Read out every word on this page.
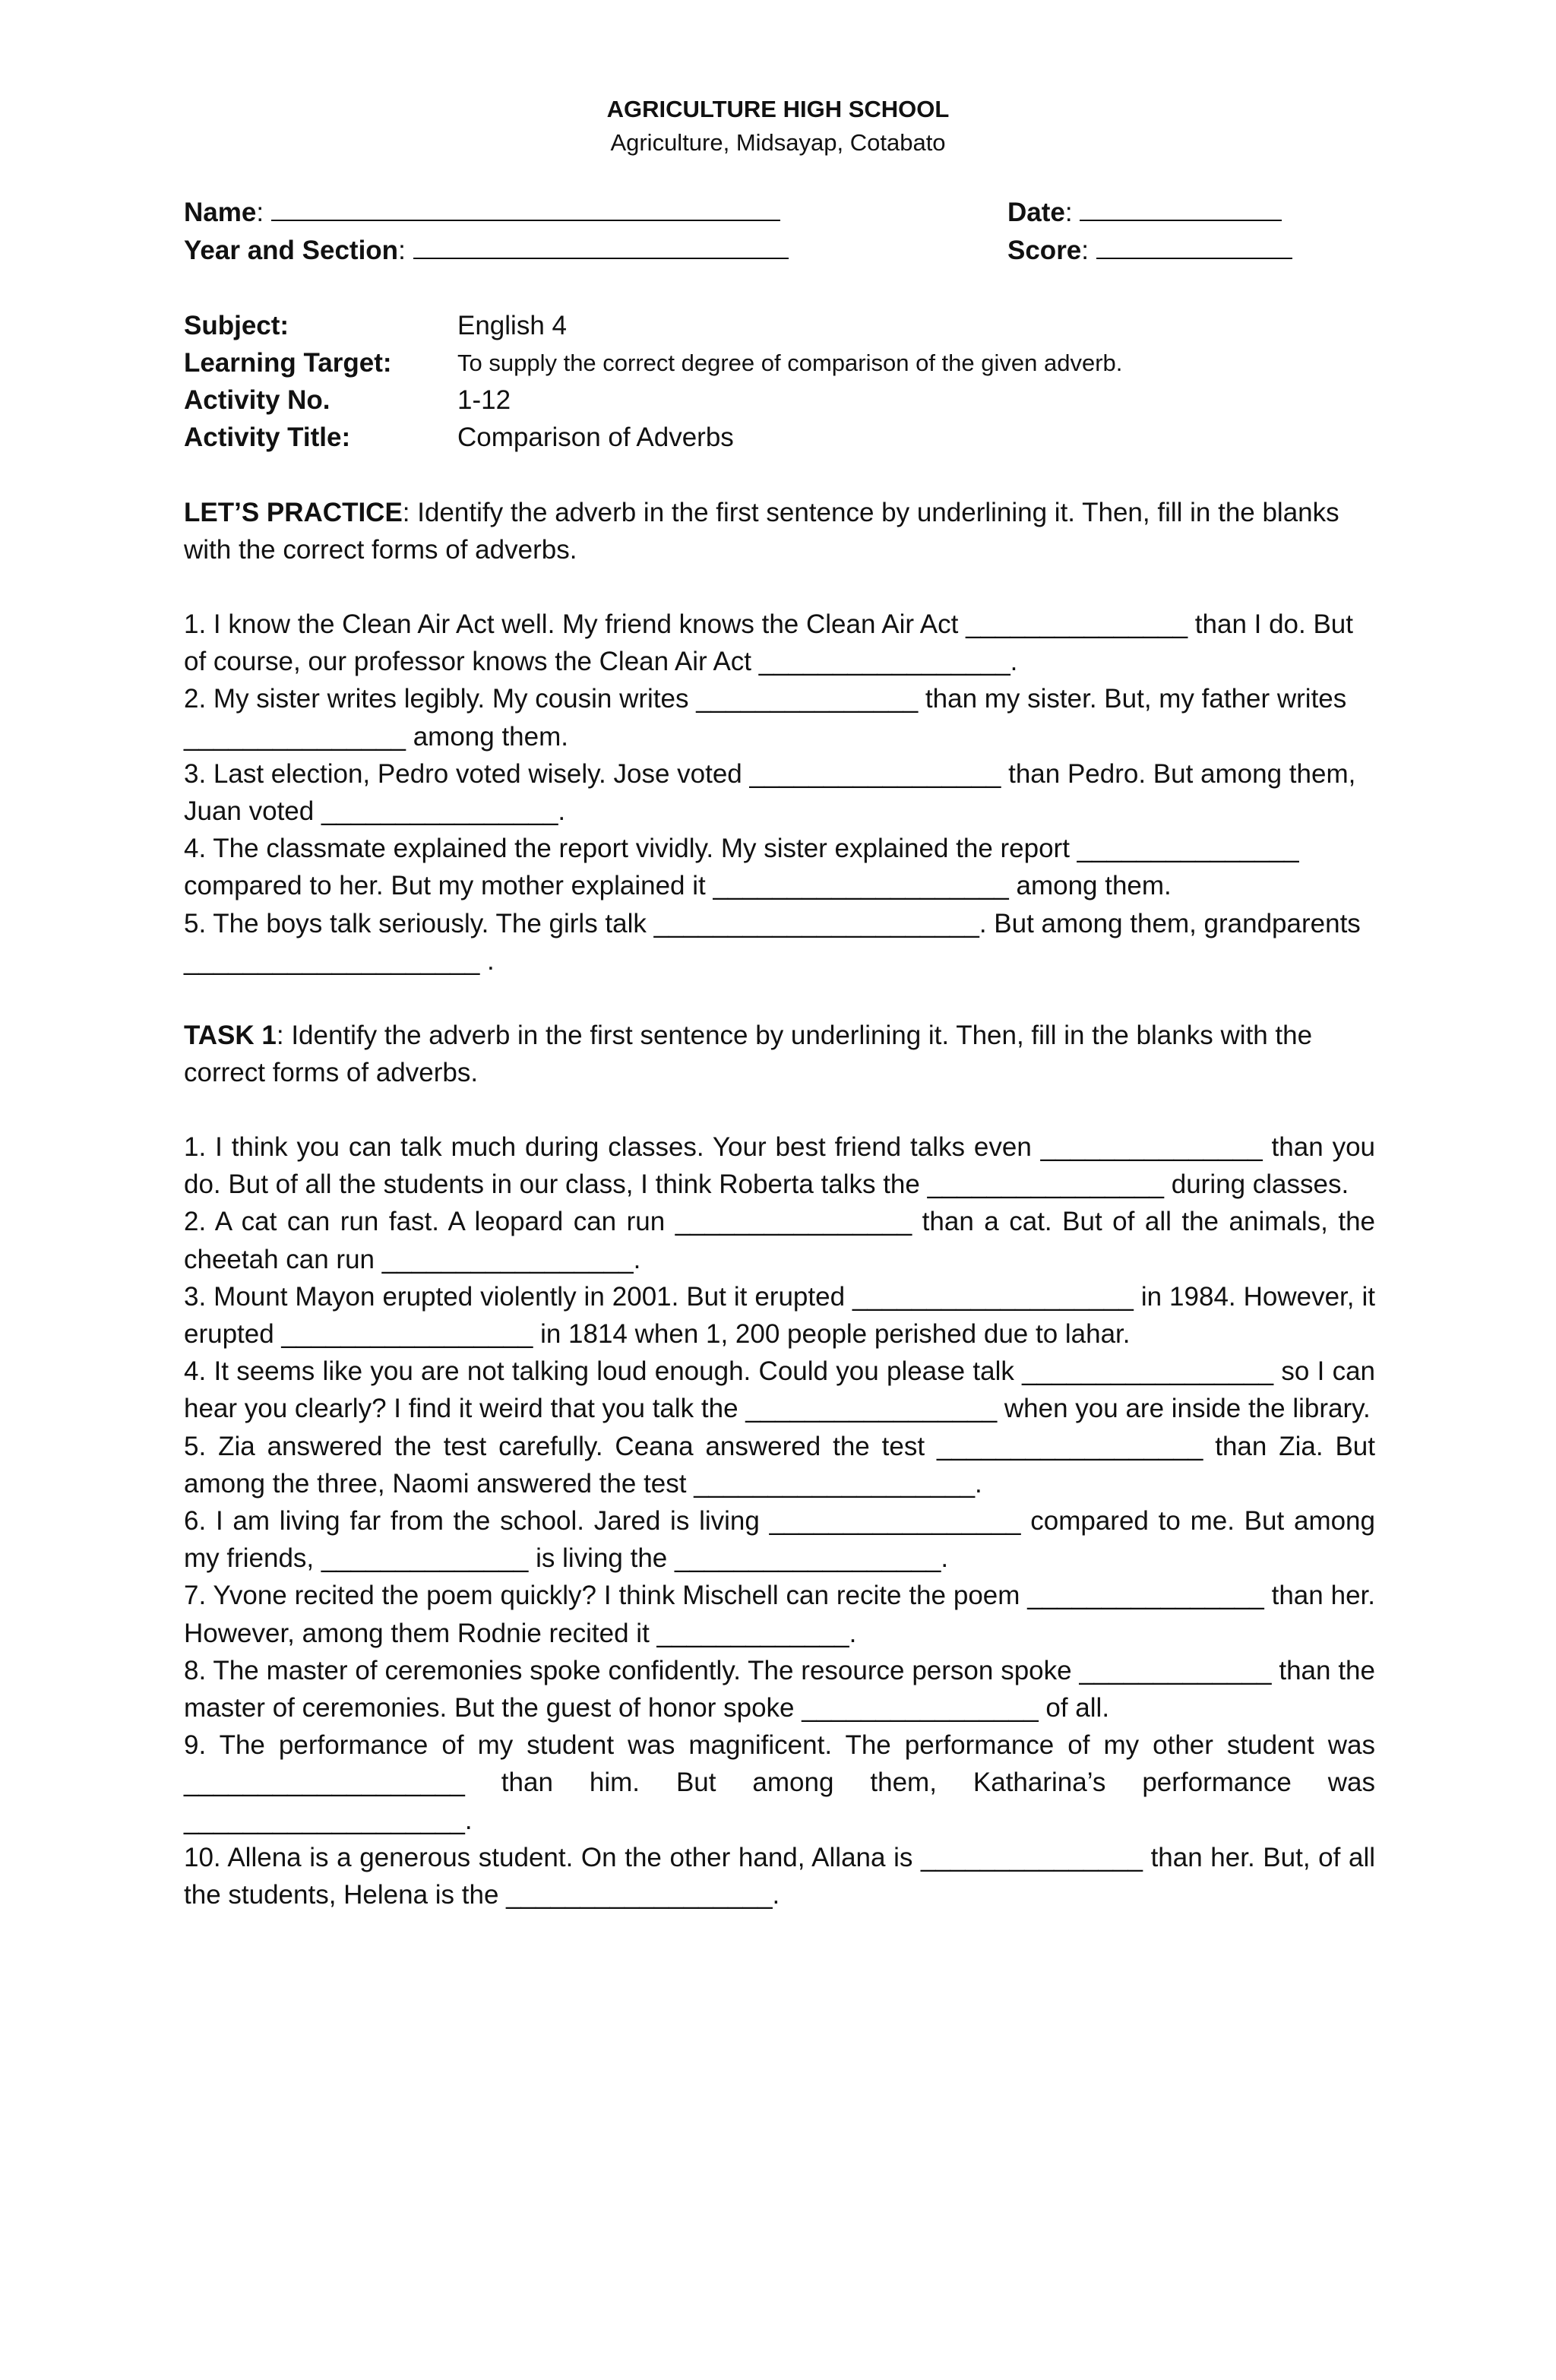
AGRICULTURE HIGH SCHOOL
Agriculture, Midsayap, Cotabato
Name:	Date:
Year and Section:	Score:
Subject:	English 4
Learning Target:	To supply the correct degree of comparison of the given adverb.
Activity No.	1-12
Activity Title:	Comparison of Adverbs

LET’S PRACTICE: Identify the adverb in the first sentence by underlining it. Then, fill in the blanks with the correct forms of adverbs.

1. I know the Clean Air Act well. My friend knows the Clean Air Act _______________ than I do. But of course, our professor knows the Clean Air Act _________________.

2. My sister writes legibly. My cousin writes _______________ than my sister. But, my father writes _______________ among them.

3. Last election, Pedro voted wisely. Jose voted _________________ than Pedro. But among them, Juan voted ________________.

4. The classmate explained the report vividly. My sister explained the report _______________ compared to her. But my mother explained it ____________________ among them.

5. The boys talk seriously. The girls talk ______________________. But among them, grandparents ____________________ .

TASK 1: Identify the adverb in the first sentence by underlining it. Then, fill in the blanks with the correct forms of adverbs.

1. I think you can talk much during classes. Your best friend talks even _______________ than you do. But of all the students in our class, I think Roberta talks the ________________ during classes.

2. A cat can run fast. A leopard can run ________________ than a cat. But of all the animals, the cheetah can run _________________.

3. Mount Mayon erupted violently in 2001. But it erupted ___________________ in 1984. However, it erupted _________________ in 1814 when 1, 200 people perished due to lahar.

4. It seems like you are not talking loud enough. Could you please talk _________________ so I can hear you clearly? I find it weird that you talk the _________________ when you are inside the library.

5. Zia answered the test carefully. Ceana answered the test __________________ than Zia. But among the three, Naomi answered the test ___________________.

6. I am living far from the school. Jared is living _________________ compared to me. But among my friends, ______________ is living the __________________.

7. Yvone recited the poem quickly? I think Mischell can recite the poem ________________ than her. However, among them Rodnie recited it _____________.

8. The master of ceremonies spoke confidently. The resource person spoke _____________ than the master of ceremonies. But the guest of honor spoke ________________ of all.

9. The performance of my student was magnificent. The performance of my other student was ___________________ than him. But among them, Katharina’s performance was ___________________.

10. Allena is a generous student. On the other hand, Allana is _______________ than her. But, of all the students, Helena is the __________________.
